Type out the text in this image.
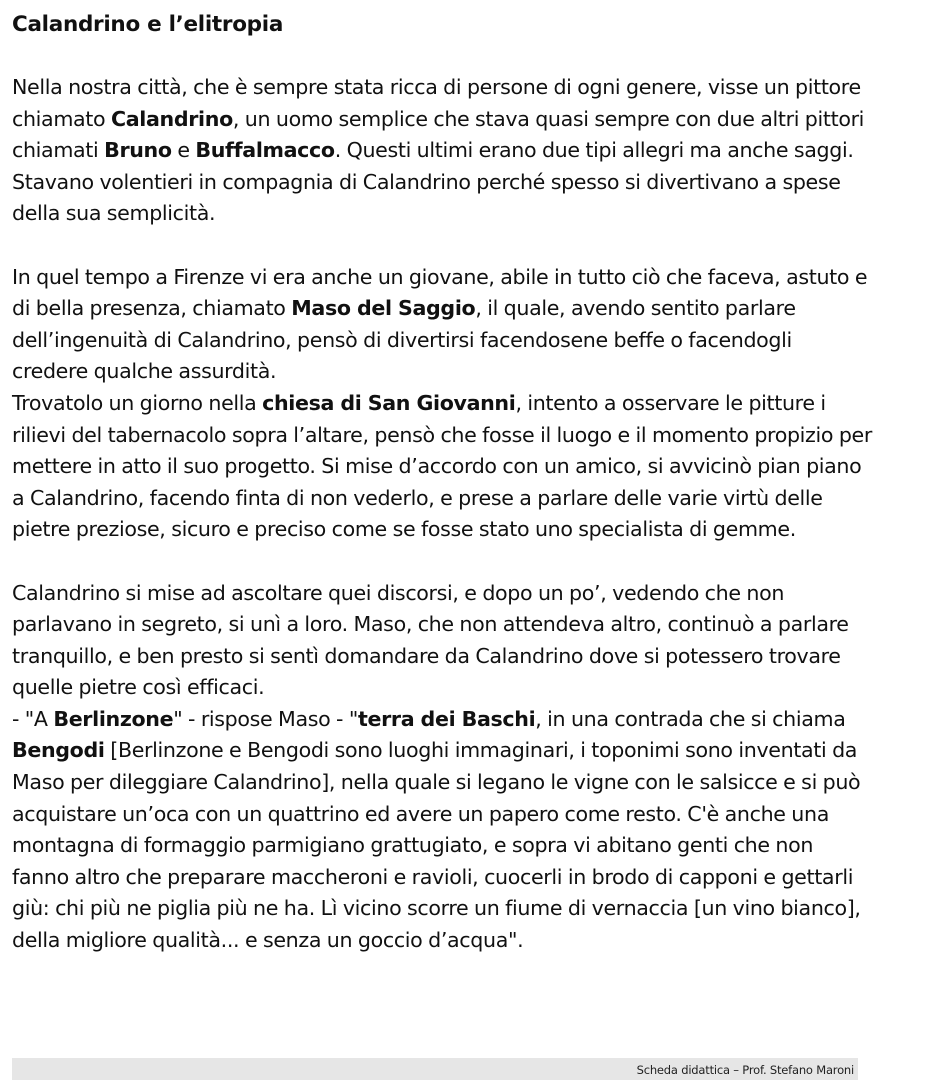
Calandrino e l’elitropia

Nella nostra città, che è sempre stata ricca di persone di ogni genere, visse un pittore chiamato Calandrino, un uomo semplice che stava quasi sempre con due altri pittori chiamati Bruno e Buffalmacco. Questi ultimi erano due tipi allegri ma anche saggi. Stavano volentieri in compagnia di Calandrino perché spesso si divertivano a spese della sua semplicità.

In quel tempo a Firenze vi era anche un giovane, abile in tutto ciò che faceva, astuto e di bella presenza, chiamato Maso del Saggio, il quale, avendo sentito parlare dell’ingenuità di Calandrino, pensò di divertirsi facendosene beffe o facendogli credere qualche assurdità.

Trovatolo un giorno nella chiesa di San Giovanni, intento a osservare le pitture i rilievi del tabernacolo sopra l’altare, pensò che fosse il luogo e il momento propizio per mettere in atto il suo progetto. Si mise d’accordo con un amico, si avvicinò pian piano a Calandrino, facendo finta di non vederlo, e prese a parlare delle varie virtù delle pietre preziose, sicuro e preciso come se fosse stato uno specialista di gemme.

Calandrino si mise ad ascoltare quei discorsi, e dopo un po’, vedendo che non parlavano in segreto, si unì a loro. Maso, che non attendeva altro, continuò a parlare tranquillo, e ben presto si sentì domandare da Calandrino dove si potessero trovare quelle pietre così efficaci.

- "A Berlinzone" - rispose Maso - "terra dei Baschi, in una contrada che si chiama Bengodi [Berlinzone e Bengodi sono luoghi immaginari, i toponimi sono inventati da Maso per dileggiare Calandrino], nella quale si legano le vigne con le salsicce e si può acquistare un’oca con un quattrino ed avere un papero come resto. C'è anche una montagna di formaggio parmigiano grattugiato, e sopra vi abitano genti che non fanno altro che preparare maccheroni e ravioli, cuocerli in brodo di capponi e gettarli giù: chi più ne piglia più ne ha. Lì vicino scorre un fiume di vernaccia [un vino bianco], della migliore qualità... e senza un goccio d’acqua".

Scheda didattica – Prof. Stefano Maroni
